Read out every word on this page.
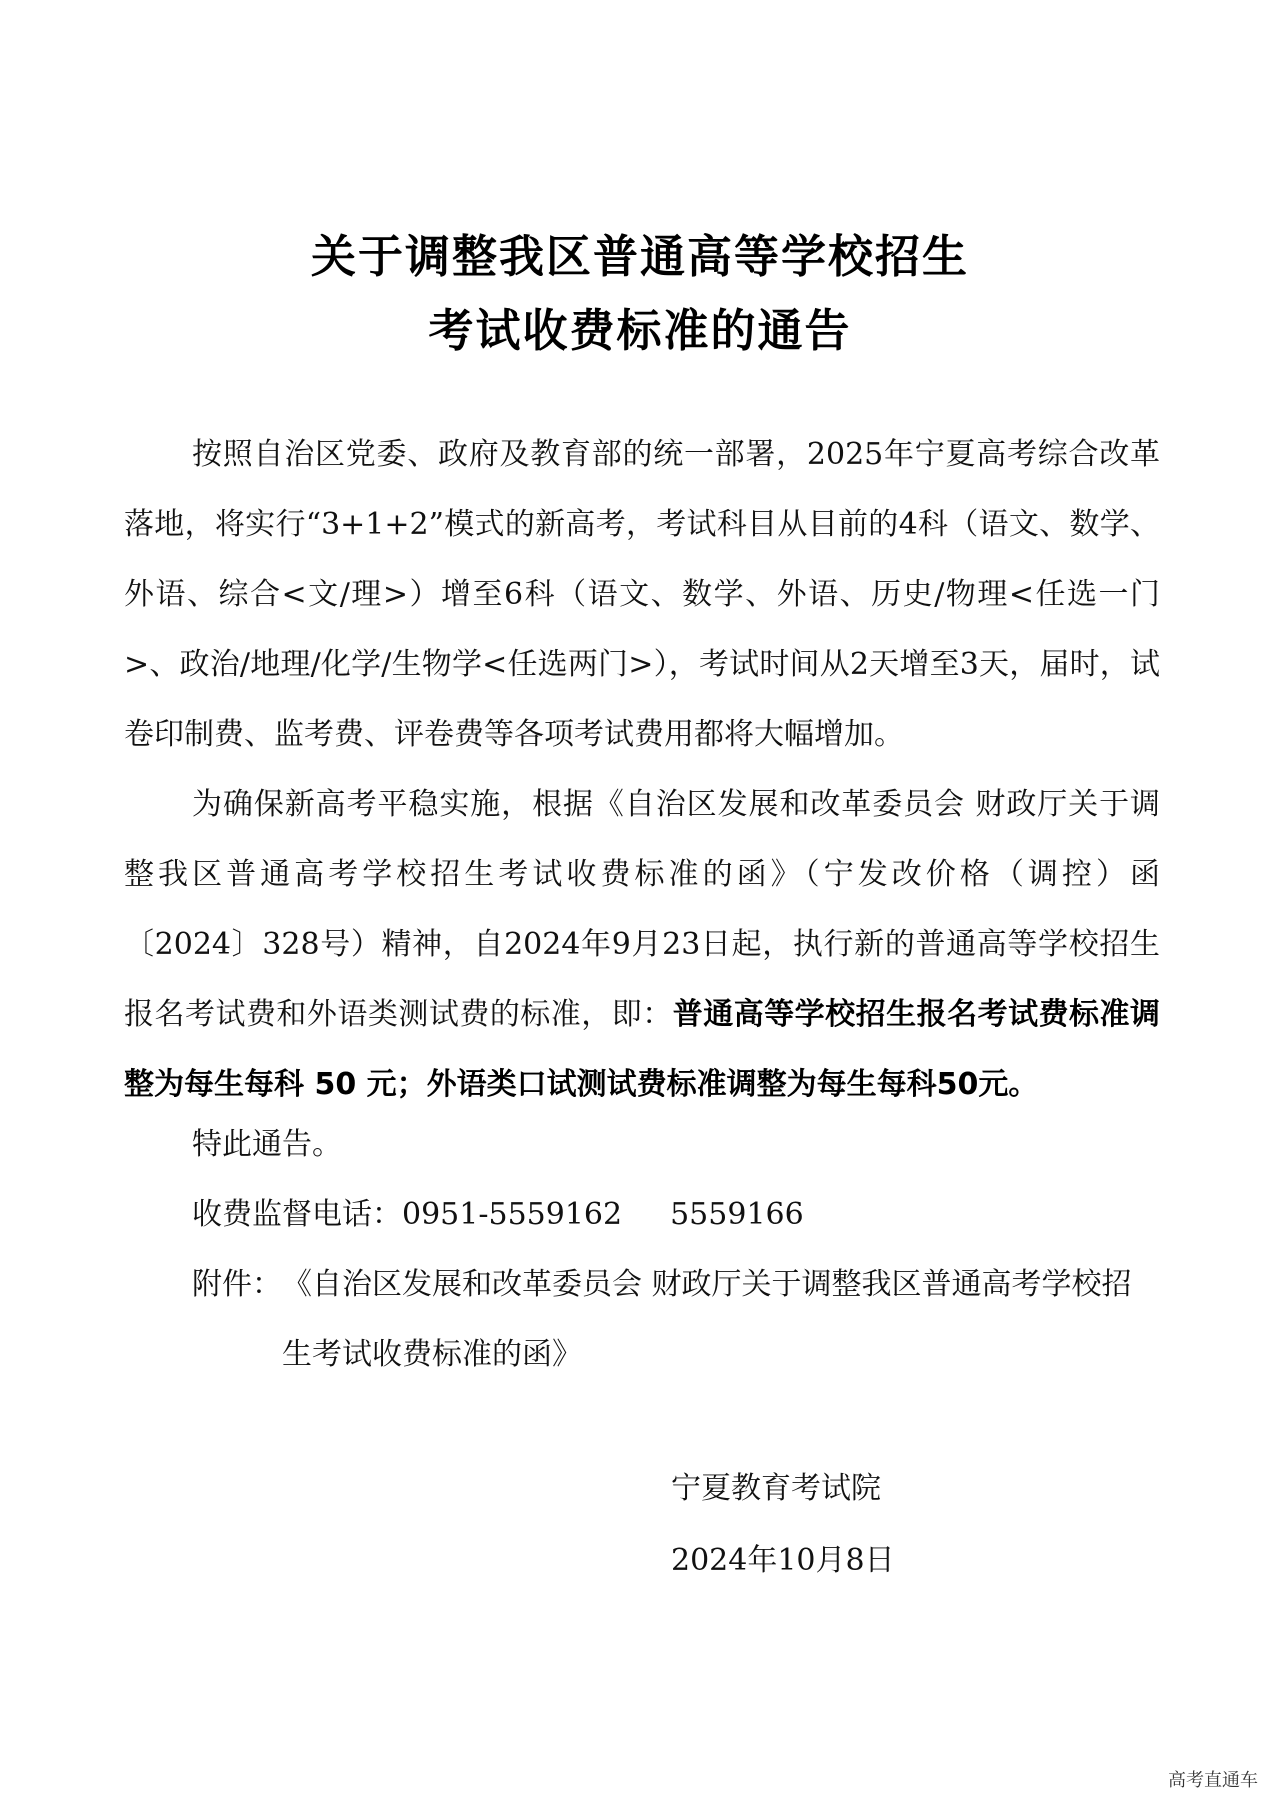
关于调整我区普通高等学校招生
考试收费标准的通告

按照自治区党委、政府及教育部的统一部署，2025年宁夏高考综合改革落地，将实行“3+1+2”模式的新高考，考试科目从目前的4科（语文、数学、外语、综合<文/理>）增至6科（语文、数学、外语、历史/物理<任选一门>、政治/地理/化学/生物学<任选两门>），考试时间从2天增至3天，届时，试卷印制费、监考费、评卷费等各项考试费用都将大幅增加。

为确保新高考平稳实施，根据《自治区发展和改革委员会 财政厅关于调整我区普通高考学校招生考试收费标准的函》（宁发改价格（调控）函〔2024〕328号）精神，自2024年9月23日起，执行新的普通高等学校招生报名考试费和外语类测试费的标准，即：普通高等学校招生报名考试费标准调整为每生每科 50 元；外语类口试测试费标准调整为每生每科50元。

特此通告。
收费监督电话：0951-5559162 5559166
附件： 《自治区发展和改革委员会 财政厅关于调整我区普通高考学校招生考试收费标准的函》
宁夏教育考试院
2024年10月8日
高考直通车
